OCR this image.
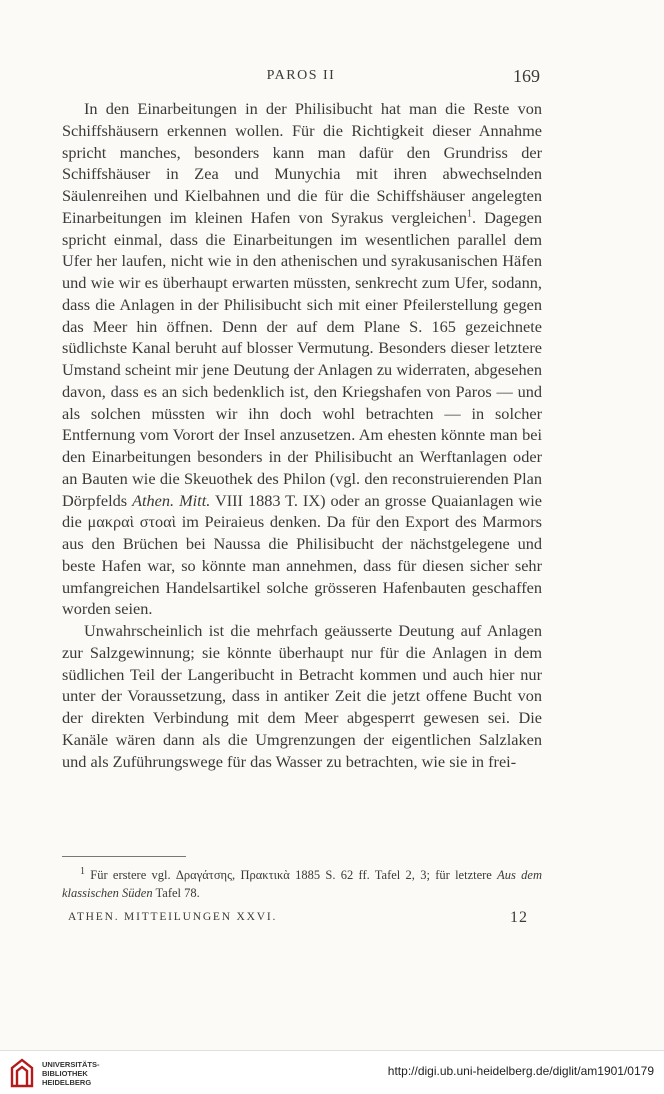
PAROS II	169

In den Einarbeitungen in der Philisibucht hat man die Reste von Schiffshäusern erkennen wollen. Für die Richtigkeit dieser Annahme spricht manches, besonders kann man dafür den Grundriss der Schiffshäuser in Zea und Munychia mit ihren abwechselnden Säulenreihen und Kielbahnen und die für die Schiffshäuser angelegten Einarbeitungen im kleinen Hafen von Syrakus vergleichen$^1$. Dagegen spricht einmal, dass die Einarbeitungen im wesentlichen parallel dem Ufer her laufen, nicht wie in den athenischen und syrakusanischen Häfen und wie wir es überhaupt erwarten müssten, senkrecht zum Ufer, sodann, dass die Anlagen in der Philisibucht sich mit einer Pfeilerstellung gegen das Meer hin öffnen. Denn der auf dem Plane S. 165 gezeichnete südlichste Kanal beruht auf blosser Vermutung. Besonders dieser letztere Umstand scheint mir jene Deutung der Anlagen zu widerraten, abgesehen davon, dass es an sich bedenklich ist, den Kriegshafen von Paros — und als solchen müssten wir ihn doch wohl betrachten — in solcher Entfernung vom Vorort der Insel anzusetzen. Am ehesten könnte man bei den Einarbeitungen besonders in der Philisibucht an Werftanlagen oder an Bauten wie die Skeuothek des Philon (vgl. den reconstruierenden Plan Dörpfelds Athen. Mitt. VIII 1883 T. IX) oder an grosse Quaianlagen wie die μακραὶ στοαὶ im Peiraieus denken. Da für den Export des Marmors aus den Brüchen bei Naussa die Philisibucht der nächstgelegene und beste Hafen war, so könnte man annehmen, dass für diesen sicher sehr umfangreichen Handelsartikel solche grösseren Hafenbauten geschaffen worden seien.

Unwahrscheinlich ist die mehrfach geäusserte Deutung auf Anlagen zur Salzgewinnung; sie könnte überhaupt nur für die Anlagen in dem südlichen Teil der Langeribucht in Betracht kommen und auch hier nur unter der Voraussetzung, dass in antiker Zeit die jetzt offene Bucht von der direkten Verbindung mit dem Meer abgesperrt gewesen sei. Die Kanäle wären dann als die Umgrenzungen der eigentlichen Salzlaken und als Zuführungswege für das Wasser zu betrachten, wie sie in frei-

$^1$ Für erstere vgl. Δραγάτσης, Πρακτικὰ 1885 S. 62 ff. Tafel 2, 3; für letztere Aus dem klassischen Süden Tafel 78.

ATHEN. MITTEILUNGEN XXVI.	12
UNIVERSITÄTS-
BIBLIOTHEK
HEIDELBERG
http://digi.ub.uni-heidelberg.de/diglit/am1901/0179
